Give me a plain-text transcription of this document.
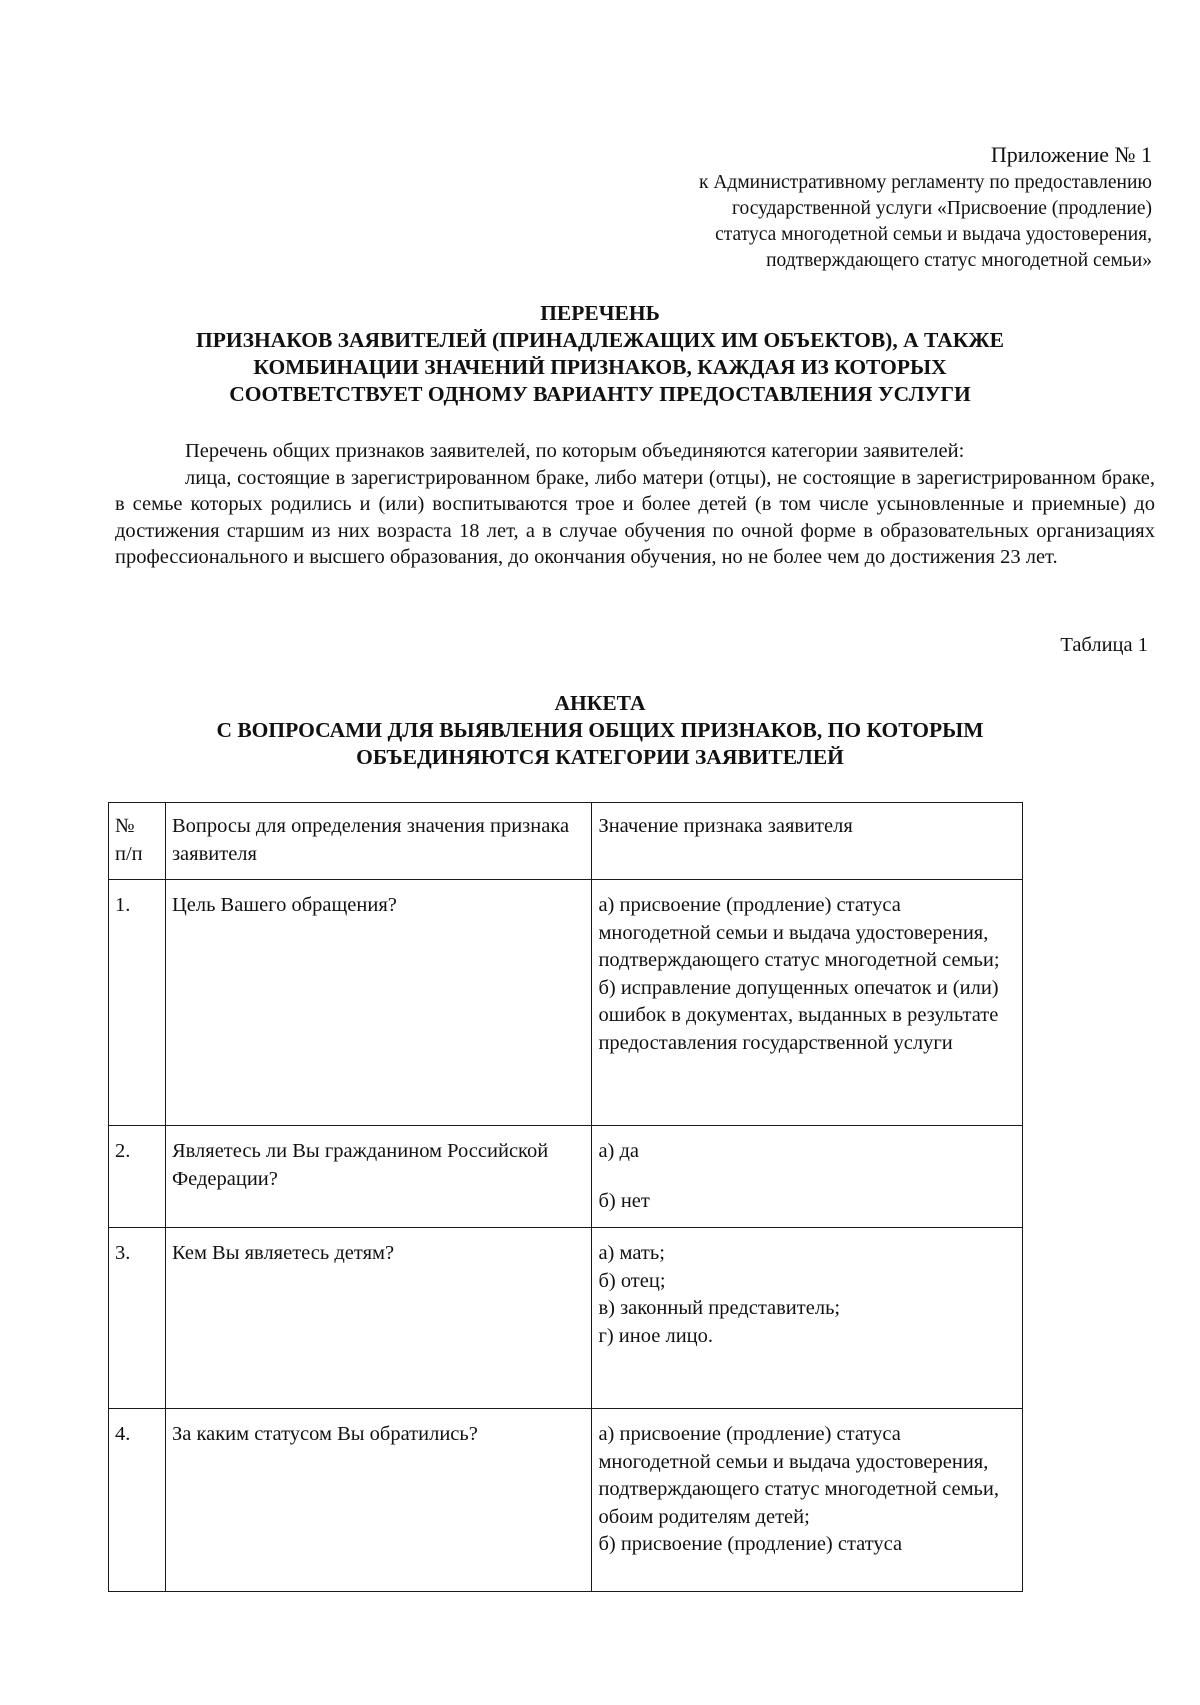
Приложение № 1
к Административному регламенту по предоставлению
государственной услуги «Присвоение (продление)
статуса многодетной семьи и выдача удостоверения,
подтверждающего статус многодетной семьи»
ПЕРЕЧЕНЬ
ПРИЗНАКОВ ЗАЯВИТЕЛЕЙ (ПРИНАДЛЕЖАЩИХ ИМ ОБЪЕКТОВ), А ТАКЖЕ
КОМБИНАЦИИ ЗНАЧЕНИЙ ПРИЗНАКОВ, КАЖДАЯ ИЗ КОТОРЫХ
СООТВЕТСТВУЕТ ОДНОМУ ВАРИАНТУ ПРЕДОСТАВЛЕНИЯ УСЛУГИ
Перечень общих признаков заявителей, по которым объединяются категории заявителей:
лица, состоящие в зарегистрированном браке, либо матери (отцы), не состоящие в зарегистрированном браке, в семье которых родились и (или) воспитываются трое и более детей (в том числе усыновленные и приемные) до достижения старшим из них возраста 18 лет, а в случае обучения по очной форме в образовательных организациях профессионального и высшего образования, до окончания обучения, но не более чем до достижения 23 лет.
Таблица 1
АНКЕТА
С ВОПРОСАМИ ДЛЯ ВЫЯВЛЕНИЯ ОБЩИХ ПРИЗНАКОВ, ПО КОТОРЫМ
ОБЪЕДИНЯЮТСЯ КАТЕГОРИИ ЗАЯВИТЕЛЕЙ
№
п/п	Вопросы для определения значения признака заявителя	Значение признака заявителя
1.	Цель Вашего обращения?	а) присвоение (продление) статуса многодетной семьи и выдача удостоверения, подтверждающего статус многодетной семьи;
б) исправление допущенных опечаток и (или) ошибок в документах, выданных в результате предоставления государственной услуги

2.	Являетесь ли Вы гражданином Российской Федерации?	а) да
б) нет

3.	Кем Вы являетесь детям?	а) мать;
б) отец;
в) законный представитель;
г) иное лицо.

4.	За каким статусом Вы обратились?	а) присвоение (продление) статуса многодетной семьи и выдача удостоверения, подтверждающего статус многодетной семьи, обоим родителям детей;
б) присвоение (продление) статуса
